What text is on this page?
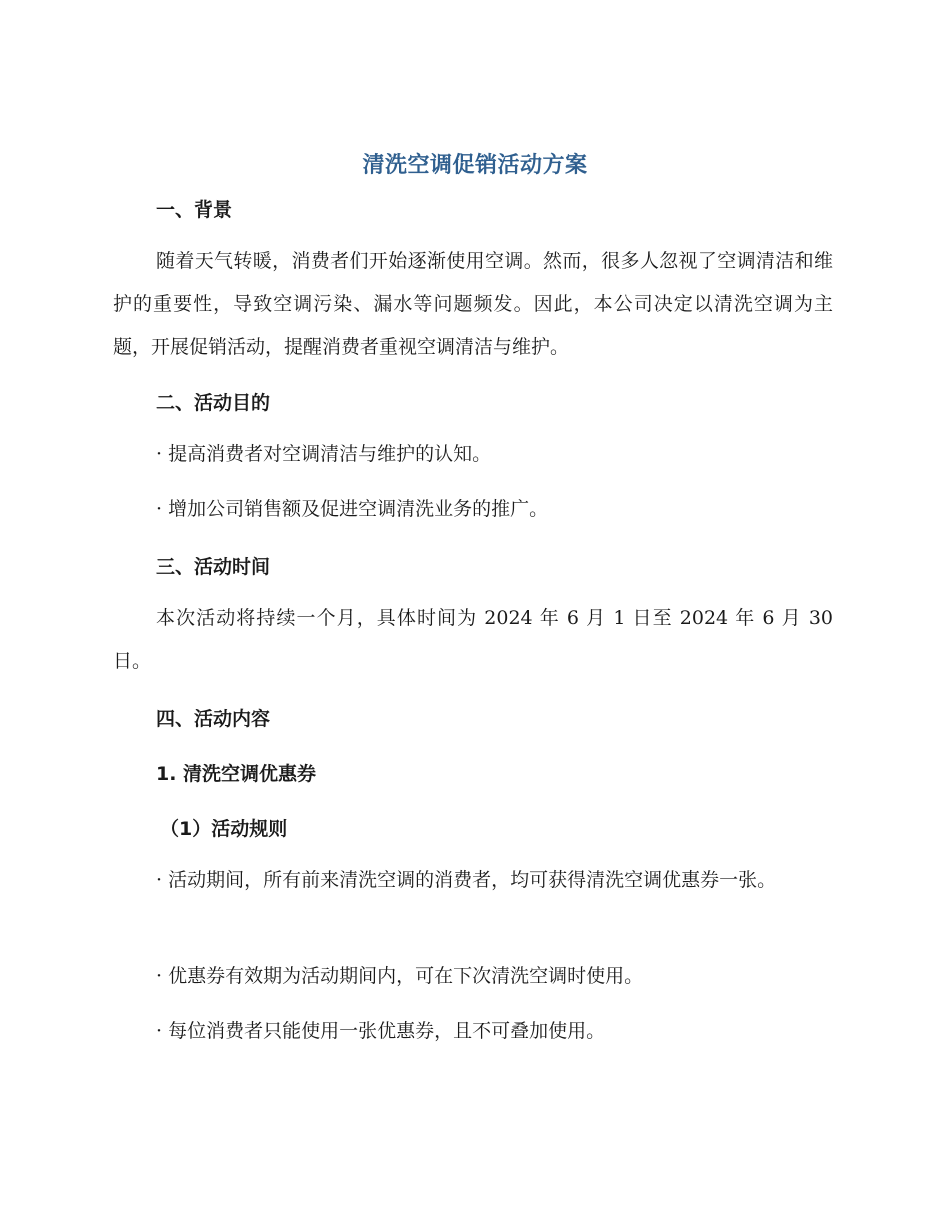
清洗空调促销活动方案
一、背景
随着天气转暖，消费者们开始逐渐使用空调。然而，很多人忽视了空调清洁和维护的重要性，导致空调污染、漏水等问题频发。因此，本公司决定以清洗空调为主题，开展促销活动，提醒消费者重视空调清洁与维护。
二、活动目的
· 提高消费者对空调清洁与维护的认知。
· 增加公司销售额及促进空调清洗业务的推广。
三、活动时间
本次活动将持续一个月，具体时间为 2024 年 6 月 1 日至 2024 年 6 月 30 日。
四、活动内容
1. 清洗空调优惠券
（1）活动规则
· 活动期间，所有前来清洗空调的消费者，均可获得清洗空调优惠券一张。
· 优惠券有效期为活动期间内，可在下次清洗空调时使用。
· 每位消费者只能使用一张优惠券，且不可叠加使用。
